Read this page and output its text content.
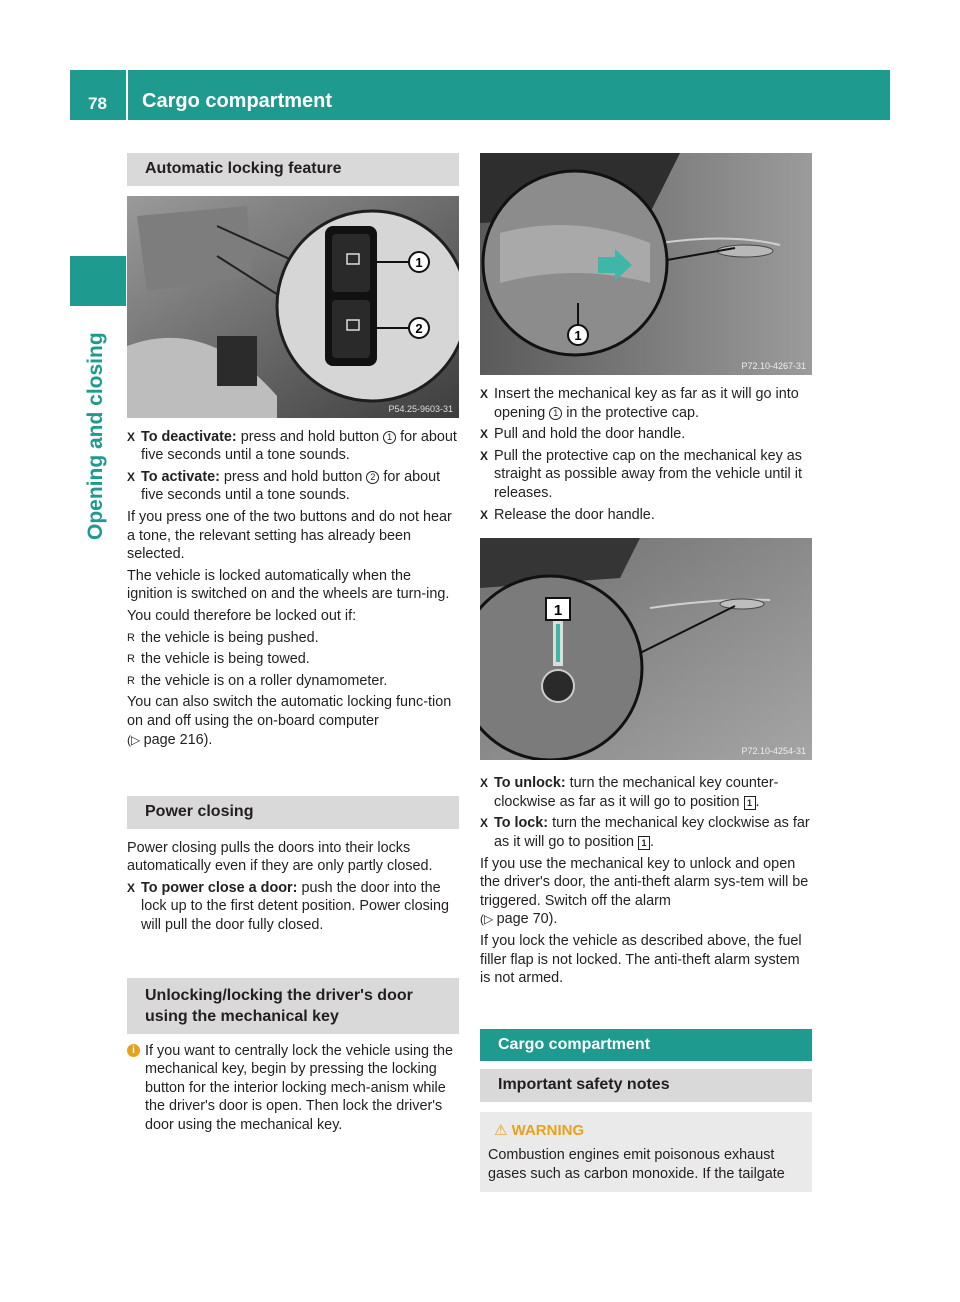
78 Cargo compartment
Opening and closing
Automatic locking feature
1
2
P54.25-9603-31

X To deactivate: press and hold button 1 for about five seconds until a tone sounds.

X To activate: press and hold button 2 for about five seconds until a tone sounds.

If you press one of the two buttons and do not hear a tone, the relevant setting has already been selected.

The vehicle is locked automatically when the ignition is switched on and the wheels are turn-ing.

You could therefore be locked out if:

R the vehicle is being pushed.

R the vehicle is being towed.

R the vehicle is on a roller dynamometer.

You can also switch the automatic locking func-tion on and off using the on-board computer
(▷ page 216).

Power closing

Power closing pulls the doors into their locks automatically even if they are only partly closed.

X To power close a door: push the door into the lock up to the first detent position. Power closing will pull the door fully closed.

Unlocking/locking the driver's door
using the mechanical key

i If you want to centrally lock the vehicle using the mechanical key, begin by pressing the locking button for the interior locking mech-anism while the driver's door is open. Then lock the driver's door using the mechanical key.

1
P72.10-4267-31

X Insert the mechanical key as far as it will go into opening 1 in the protective cap.

X Pull and hold the door handle.

X Pull the protective cap on the mechanical key as straight as possible away from the vehicle until it releases.

X Release the door handle.

1
P72.10-4254-31

X To unlock: turn the mechanical key counter-clockwise as far as it will go to position 1 .

X To lock: turn the mechanical key clockwise as far as it will go to position 1 .

If you use the mechanical key to unlock and open the driver's door, the anti-theft alarm sys-tem will be triggered. Switch off the alarm
(▷ page 70).

If you lock the vehicle as described above, the fuel filler flap is not locked. The anti-theft alarm system is not armed.

Cargo compartment
Important safety notes
⚠ WARNING
Combustion engines emit poisonous exhaust gases such as carbon monoxide. If the tailgate
